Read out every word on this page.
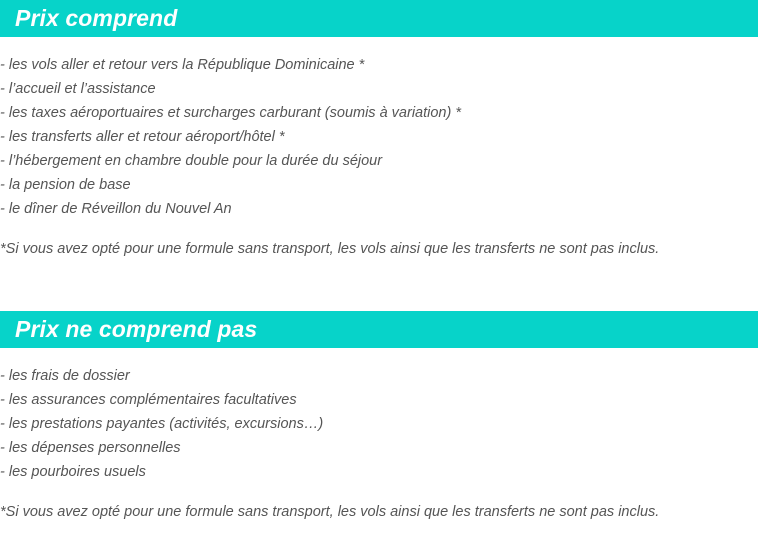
Prix comprend
- les vols aller et retour vers la République Dominicaine *
- l’accueil et l’assistance
- les taxes aéroportuaires et surcharges carburant (soumis à variation) *
- les transferts aller et retour aéroport/hôtel *
- l’hébergement en chambre double pour la durée du séjour
- la pension de base
- le dîner de Réveillon du Nouvel An
*Si vous avez opté pour une formule sans transport, les vols ainsi que les transferts ne sont pas inclus.
Prix ne comprend pas
- les frais de dossier
- les assurances complémentaires facultatives
- les prestations payantes (activités, excursions…)
- les dépenses personnelles
- les pourboires usuels
*Si vous avez opté pour une formule sans transport, les vols ainsi que les transferts ne sont pas inclus.
